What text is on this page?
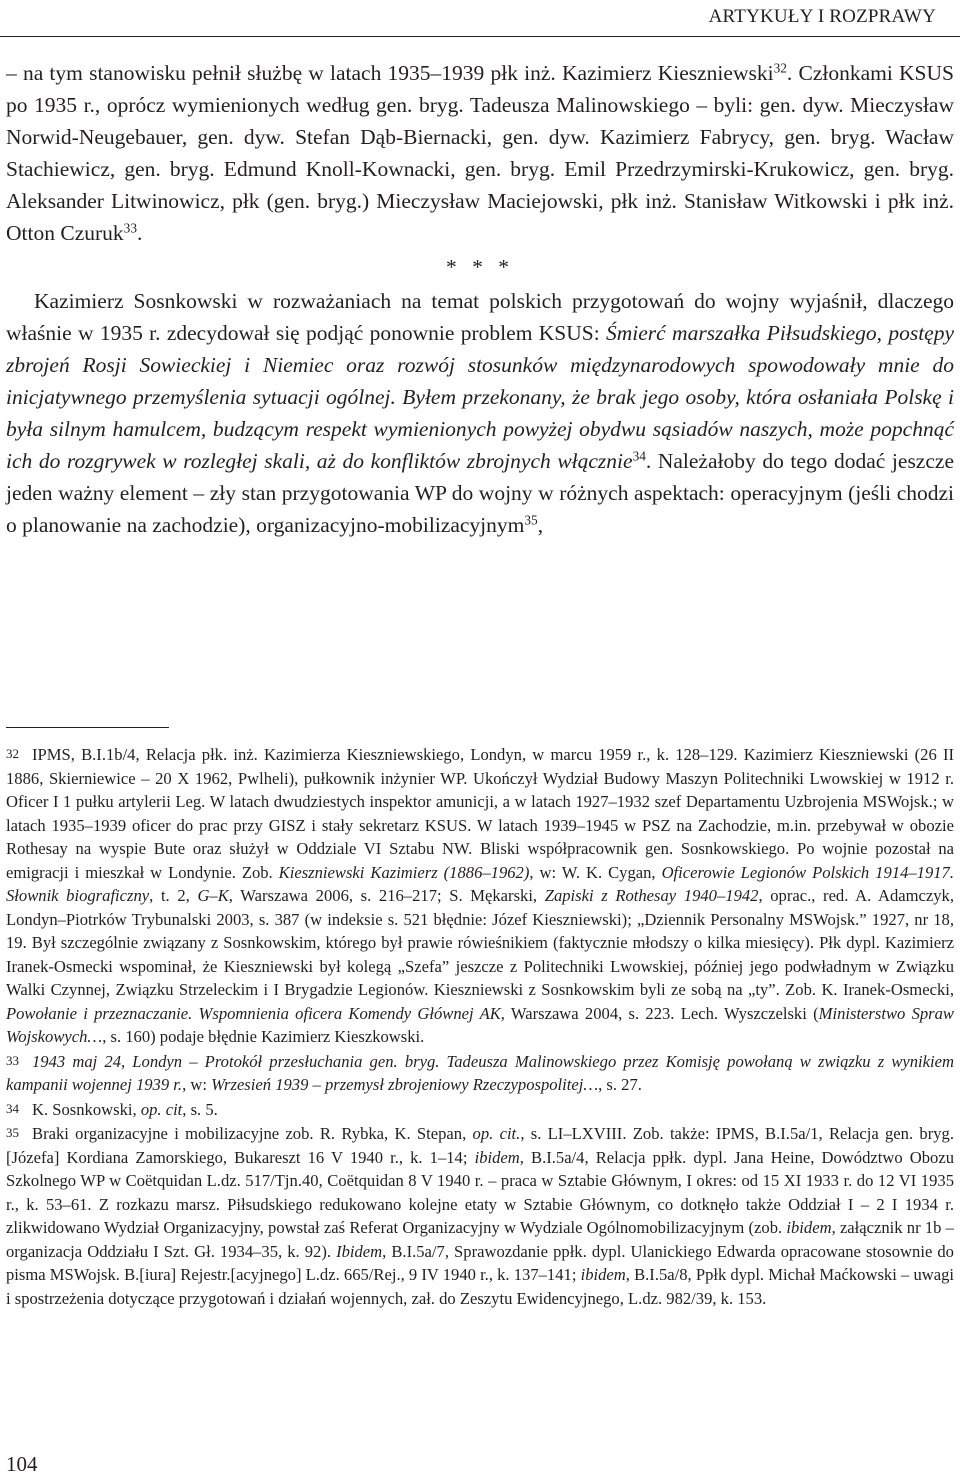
ARTYKUŁY I ROZPRAWY

– na tym stanowisku pełnił służbę w latach 1935–1939 płk inż. Kazimierz Kieszniewski$^{32}$. Członkami KSUS po 1935 r., oprócz wymienionych według gen. bryg. Tadeusza Malinowskiego – byli: gen. dyw. Mieczysław Norwid-Neugebauer, gen. dyw. Stefan Dąb-Biernacki, gen. dyw. Kazimierz Fabrycy, gen. bryg. Wacław Stachiewicz, gen. bryg. Edmund Knoll-Kownacki, gen. bryg. Emil Przedrzymirski-Krukowicz, gen. bryg. Aleksander Litwinowicz, płk (gen. bryg.) Mieczysław Maciejowski, płk inż. Stanisław Witkowski i płk inż. Otton Czuruk$^{33}$.

* * *

Kazimierz Sosnkowski w rozważaniach na temat polskich przygotowań do wojny wyjaśnił, dlaczego właśnie w 1935 r. zdecydował się podjąć ponownie problem KSUS: Śmierć marszałka Piłsudskiego, postępy zbrojeń Rosji Sowieckiej i Niemiec oraz rozwój stosunków międzynarodowych spowodowały mnie do inicjatywnego przemyślenia sytuacji ogólnej. Byłem przekonany, że brak jego osoby, która osłaniała Polskę i była silnym hamulcem, budzącym respekt wymienionych powyżej obydwu sąsiadów naszych, może popchnąć ich do rozgrywek w rozległej skali, aż do konfliktów zbrojnych włącznie$^{34}$. Należałoby do tego dodać jeszcze jeden ważny element – zły stan przygotowania WP do wojny w różnych aspektach: operacyjnym (jeśli chodzi o planowanie na zachodzie), organizacyjno-mobilizacyjnym$^{35}$,

32 IPMS, B.I.1b/4, Relacja płk. inż. Kazimierza Kieszniewskiego, Londyn, w marcu 1959 r., k. 128–129. Kazimierz Kieszniewski (26 II 1886, Skierniewice – 20 X 1962, Pwlheli), pułkownik inżynier WP. Ukończył Wydział Budowy Maszyn Politechniki Lwowskiej w 1912 r. Oficer I 1 pułku artylerii Leg. W latach dwudziestych inspektor amunicji, a w latach 1927–1932 szef Departamentu Uzbrojenia MSWojsk.; w latach 1935–1939 oficer do prac przy GISZ i stały sekretarz KSUS. W latach 1939–1945 w PSZ na Zachodzie, m.in. przebywał w obozie Rothesay na wyspie Bute oraz służył w Oddziale VI Sztabu NW. Bliski współpracownik gen. Sosnkowskiego. Po wojnie pozostał na emigracji i mieszkał w Londynie. Zob. Kieszniewski Kazimierz (1886–1962), w: W. K. Cygan, Oficerowie Legionów Polskich 1914–1917. Słownik biograficzny, t. 2, G–K, Warszawa 2006, s. 216–217; S. Mękarski, Zapiski z Rothesay 1940–1942, oprac., red. A. Adamczyk, Londyn–Piotrków Trybunalski 2003, s. 387 (w indeksie s. 521 błędnie: Józef Kieszniewski); „Dziennik Personalny MSWojsk.” 1927, nr 18, 19. Był szczególnie związany z Sosnkowskim, którego był prawie rówieśnikiem (faktycznie młodszy o kilka miesięcy). Płk dypl. Kazimierz Iranek-Osmecki wspominał, że Kieszniewski był kolegą „Szefa” jeszcze z Politechniki Lwowskiej, później jego podwładnym w Związku Walki Czynnej, Związku Strzeleckim i I Brygadzie Legionów. Kieszniewski z Sosnkowskim byli ze sobą na „ty”. Zob. K. Iranek-Osmecki, Powołanie i przeznaczanie. Wspomnienia oficera Komendy Głównej AK, Warszawa 2004, s. 223. Lech. Wyszczelski (Ministerstwo Spraw Wojskowych…, s. 160) podaje błędnie Kazimierz Kieszkowski.

33 1943 maj 24, Londyn – Protokół przesłuchania gen. bryg. Tadeusza Malinowskiego przez Komisję powołaną w związku z wynikiem kampanii wojennej 1939 r., w: Wrzesień 1939 – przemysł zbrojeniowy Rzeczypospolitej…, s. 27.

34 K. Sosnkowski, op. cit, s. 5.

35 Braki organizacyjne i mobilizacyjne zob. R. Rybka, K. Stepan, op. cit., s. LI–LXVIII. Zob. także: IPMS, B.I.5a/1, Relacja gen. bryg. [Józefa] Kordiana Zamorskiego, Bukareszt 16 V 1940 r., k. 1–14; ibidem, B.I.5a/4, Relacja ppłk. dypl. Jana Heine, Dowództwo Obozu Szkolnego WP w Coëtquidan L.dz. 517/Tjn.40, Coëtquidan 8 V 1940 r. – praca w Sztabie Głównym, I okres: od 15 XI 1933 r. do 12 VI 1935 r., k. 53–61. Z rozkazu marsz. Piłsudskiego redukowano kolejne etaty w Sztabie Głównym, co dotknęło także Oddział I – 2 I 1934 r. zlikwidowano Wydział Organizacyjny, powstał zaś Referat Organizacyjny w Wydziale Ogólnomobilizacyjnym (zob. ibidem, załącznik nr 1b – organizacja Oddziału I Szt. Gł. 1934–35, k. 92). Ibidem, B.I.5a/7, Sprawozdanie ppłk. dypl. Ulanickiego Edwarda opracowane stosownie do pisma MSWojsk. B.[iura] Rejestr.[acyjnego] L.dz. 665/Rej., 9 IV 1940 r., k. 137–141; ibidem, B.I.5a/8, Ppłk dypl. Michał Maćkowski – uwagi i spostrzeżenia dotyczące przygotowań i działań wojennych, zał. do Zeszytu Ewidencyjnego, L.dz. 982/39, k. 153.

104
